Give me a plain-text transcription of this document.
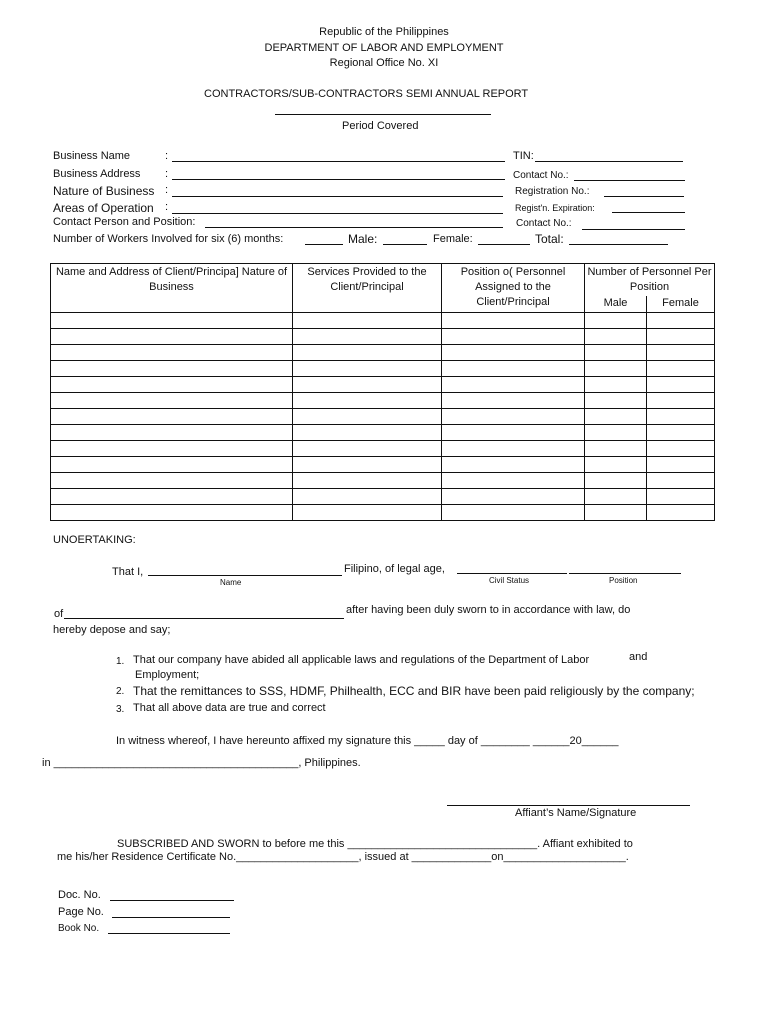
Republic of the Philippines
DEPARTMENT OF LABOR AND EMPLOYMENT
Regional Office No. XI
CONTRACTORS/SUB-CONTRACTORS SEMI ANNUAL REPORT
Period Covered
Business Name	:
Business Address :
Nature of Business :
Areas of Operation :
Contact Person and Position:
Number of Workers Involved for six (6) months:	Male:	Female:	Total:
TIN:
Contact No.:
Registration No.:
Regist'n. Expiration:
Contact No.:
Name and Address of Client/Principa] Nature of Business	Services Provided to the Client/Principal	Position o( Personnel Assigned to the Client/Principal	Number of Personnel Per Position	
			Male	Female

UNOERTAKING:
That I,	Filipino, of legal age,
Name	Civil Status	Position
of	after having been duly sworn to in accordance with law, do
hereby depose and say;
1. That our company have abided all applicable laws and regulations of the Department of Labor	and
Employment;
2. That the remittances to SSS, HDMF, Philhealth, ECC and BIR have been paid religiously by the company;
3. That all above data are true and correct
In witness whereof, I have hereunto affixed my signature this _____ day of ________ ______20______
in ________________________________________, Philippines.
Affiant’s Name/Signature
SUBSCRIBED AND SWORN to before me this _______________________________. Affiant exhibited to
me his/her Residence Certificate No.____________________, issued at _____________on____________________.
Doc. No.
Page No.
Book No.
